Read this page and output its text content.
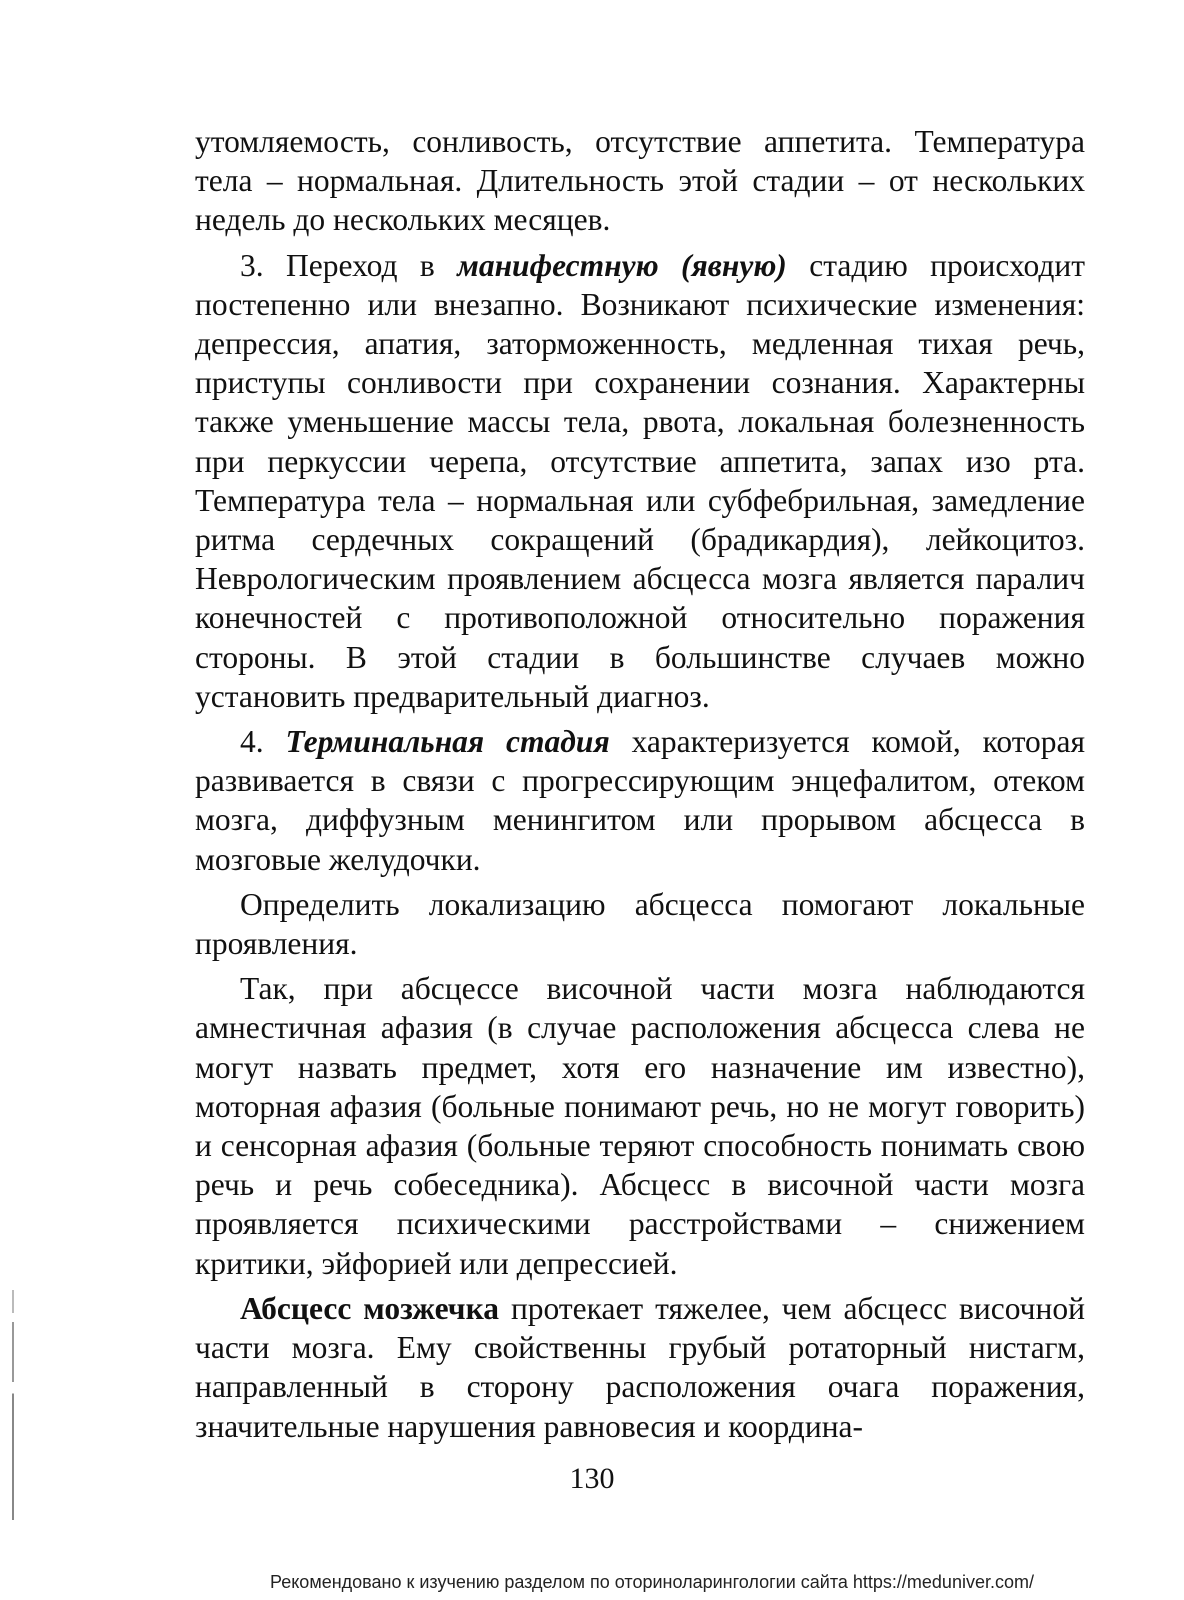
утомляемость, сонливость, отсутствие аппетита. Температура тела – нормальная. Длительность этой стадии – от нескольких недель до нескольких месяцев.

3. Переход в манифестную (явную) стадию происходит постепенно или внезапно. Возникают психические изменения: депрессия, апатия, заторможенность, медленная тихая речь, приступы сонливости при сохранении сознания. Характерны также уменьшение массы тела, рвота, локальная болезненность при перкуссии черепа, отсутствие аппетита, запах изо рта. Температура тела – нормальная или субфебрильная, замедление ритма сердечных сокращений (брадикардия), лейкоцитоз. Неврологическим проявлением абсцесса мозга является паралич конечностей с противоположной относительно поражения стороны. В этой стадии в большинстве случаев можно установить предварительный диагноз.

4. Терминальная стадия характеризуется комой, которая развивается в связи с прогрессирующим энцефалитом, отеком мозга, диффузным менингитом или прорывом абсцесса в мозговые желудочки.

Определить локализацию абсцесса помогают локальные проявления.

Так, при абсцессе височной части мозга наблюдаются амнестичная афазия (в случае расположения абсцесса слева не могут назвать предмет, хотя его назначение им известно), моторная афазия (больные понимают речь, но не могут говорить) и сенсорная афазия (больные теряют способность понимать свою речь и речь собеседника). Абсцесс в височной части мозга проявляется психическими расстройствами – снижением критики, эйфорией или депрессией.

Абсцесс мозжечка протекает тяжелее, чем абсцесс височной части мозга. Ему свойственны грубый ротаторный нистагм, направленный в сторону расположения очага поражения, значительные нарушения равновесия и координа-

130
Рекомендовано к изучению разделом по оториноларингологии сайта https://meduniver.com/
